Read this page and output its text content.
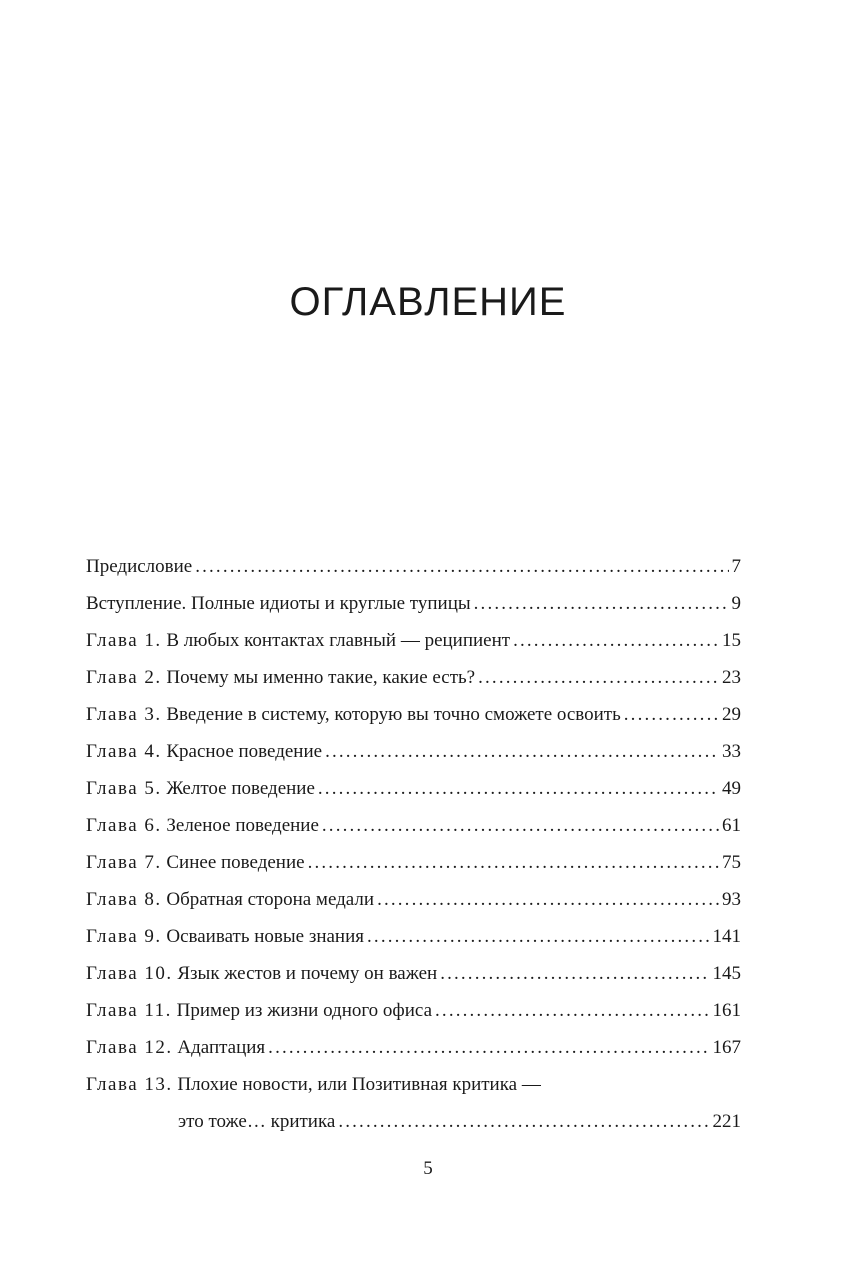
ОГЛАВЛЕНИЕ
Предисловие . . .	7
Вступление. Полные идиоты и круглые тупицы . . .	9
Глава 1. В любых контактах главный — реципиент . . .	15
Глава 2. Почему мы именно такие, какие есть? . . .	23
Глава 3. Введение в систему, которую вы точно сможете освоить . . .	29
Глава 4. Красное поведение . . .	33
Глава 5. Желтое поведение . . .	49
Глава 6. Зеленое поведение . . .	61
Глава 7. Синее поведение . . .	75
Глава 8. Обратная сторона медали . . .	93
Глава 9. Осваивать новые знания . . .	141
Глава 10. Язык жестов и почему он важен . . .	145
Глава 11. Пример из жизни одного офиса . . .	161
Глава 12. Адаптация . . .	167
Глава 13. Плохие новости, или Позитивная критика —
это тоже… критика . . .	221
5
